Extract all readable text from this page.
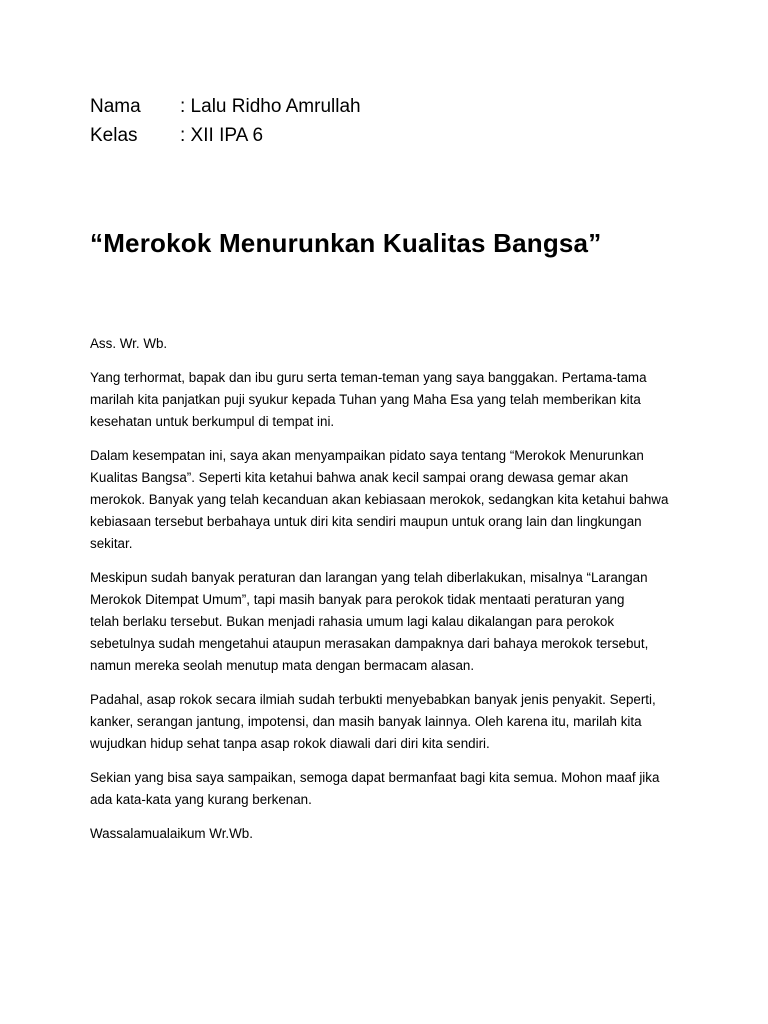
Nama	: Lalu Ridho Amrullah
Kelas	: XII IPA 6
“Merokok Menurunkan Kualitas Bangsa”

Ass. Wr. Wb.

Yang terhormat, bapak dan ibu guru serta teman-teman yang saya banggakan. Pertama-tama
marilah kita panjatkan puji syukur kepada Tuhan yang Maha Esa yang telah memberikan kita
kesehatan untuk berkumpul di tempat ini.

Dalam kesempatan ini, saya akan menyampaikan pidato saya tentang “Merokok Menurunkan
Kualitas Bangsa”. Seperti kita ketahui bahwa anak kecil sampai orang dewasa gemar akan
merokok. Banyak yang telah kecanduan akan kebiasaan merokok, sedangkan kita ketahui bahwa
kebiasaan tersebut berbahaya untuk diri kita sendiri maupun untuk orang lain dan lingkungan
sekitar.

Meskipun sudah banyak peraturan dan larangan yang telah diberlakukan, misalnya “Larangan
Merokok Ditempat Umum”, tapi masih banyak para perokok tidak mentaati peraturan yang
telah berlaku tersebut. Bukan menjadi rahasia umum lagi kalau dikalangan para perokok
sebetulnya sudah mengetahui ataupun merasakan dampaknya dari bahaya merokok tersebut,
namun mereka seolah menutup mata dengan bermacam alasan.

Padahal, asap rokok secara ilmiah sudah terbukti menyebabkan banyak jenis penyakit. Seperti,
kanker, serangan jantung, impotensi, dan masih banyak lainnya. Oleh karena itu, marilah kita
wujudkan hidup sehat tanpa asap rokok diawali dari diri kita sendiri.

Sekian yang bisa saya sampaikan, semoga dapat bermanfaat bagi kita semua. Mohon maaf jika
ada kata-kata yang kurang berkenan.

Wassalamualaikum Wr.Wb.
